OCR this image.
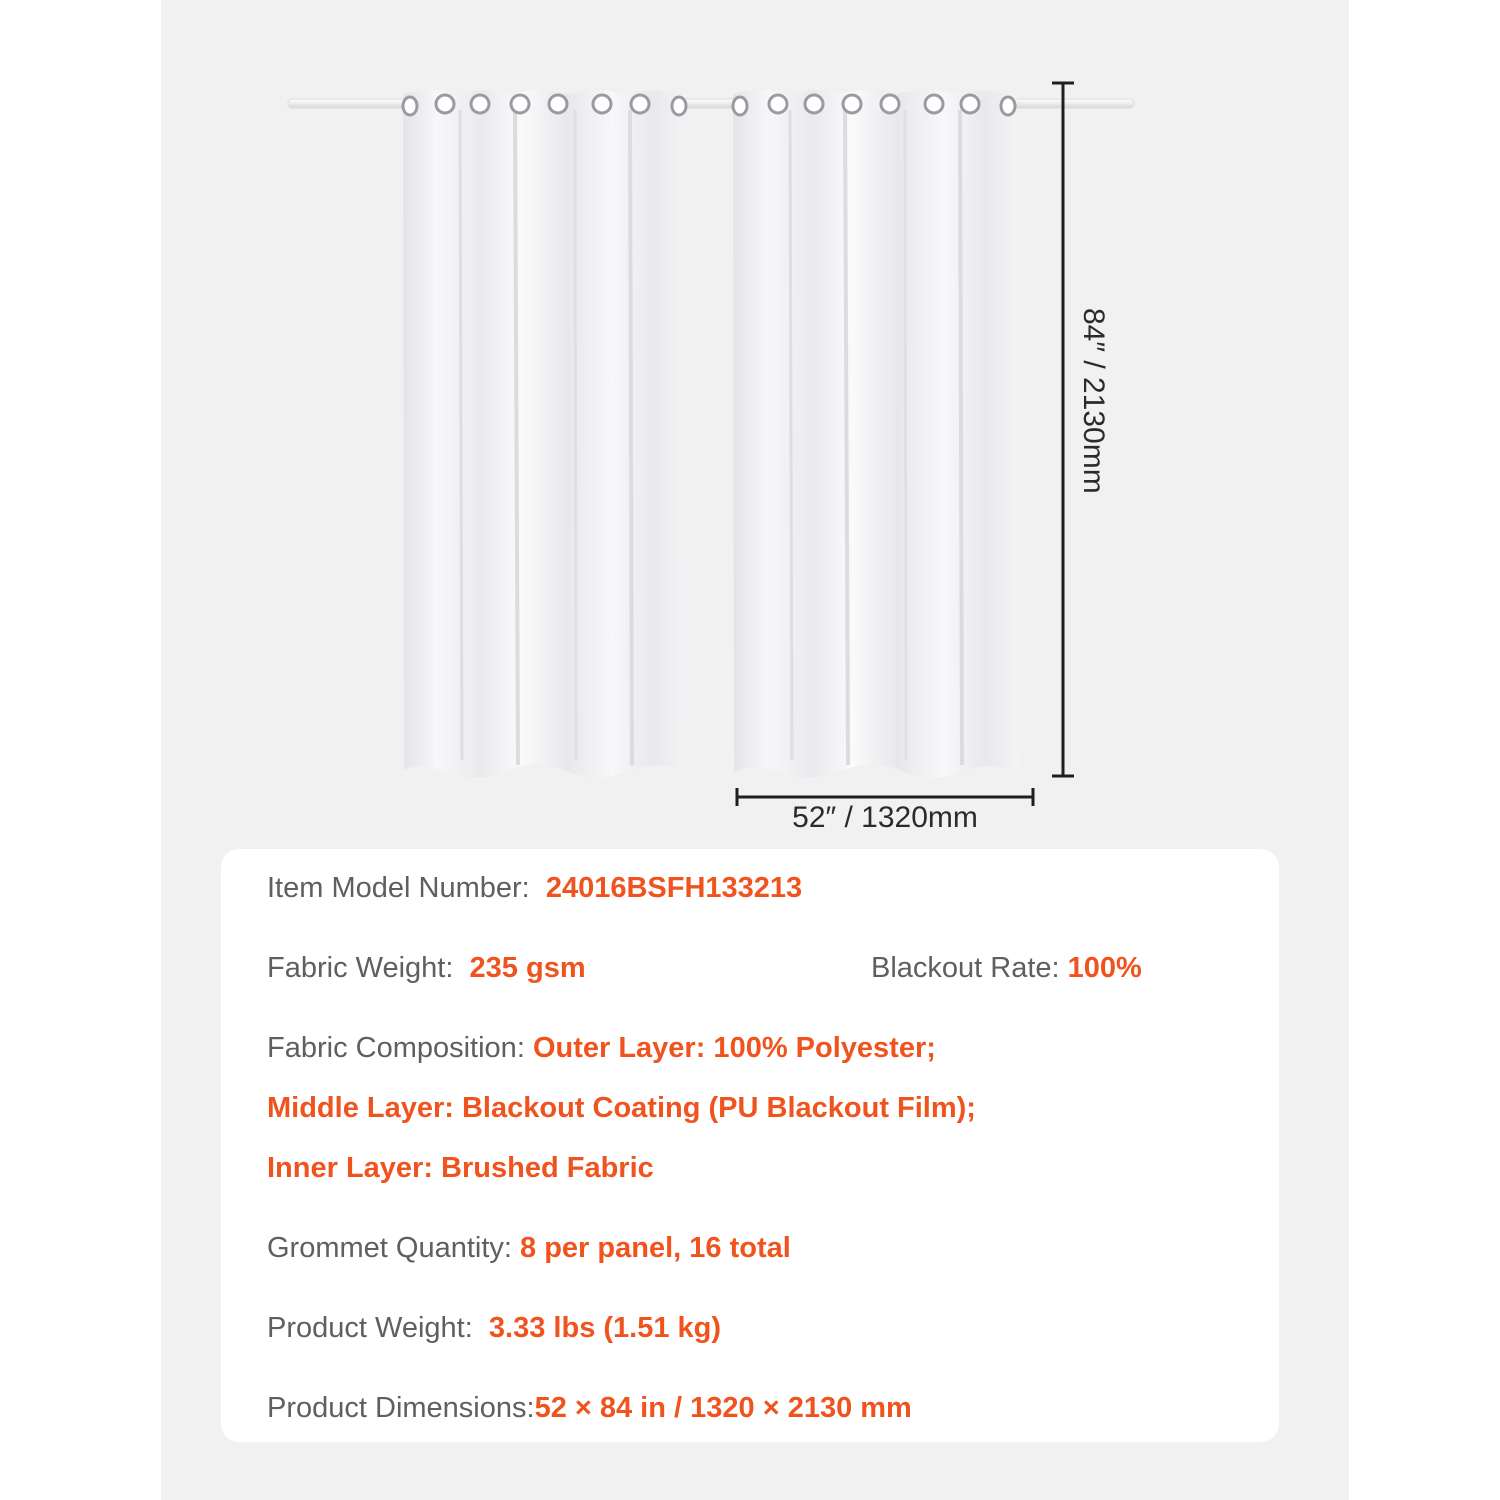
84″ / 2130mm
52″ / 1320mm
Item Model Number: 24016BSFH133213
Fabric Weight: 235 gsm	Blackout Rate: 100%
Fabric Composition: Outer Layer: 100% Polyester;
Middle Layer: Blackout Coating (PU Blackout Film);
Inner Layer: Brushed Fabric
Grommet Quantity: 8 per panel, 16 total
Product Weight: 3.33 lbs (1.51 kg)
Product Dimensions:52 × 84 in / 1320 × 2130 mm
